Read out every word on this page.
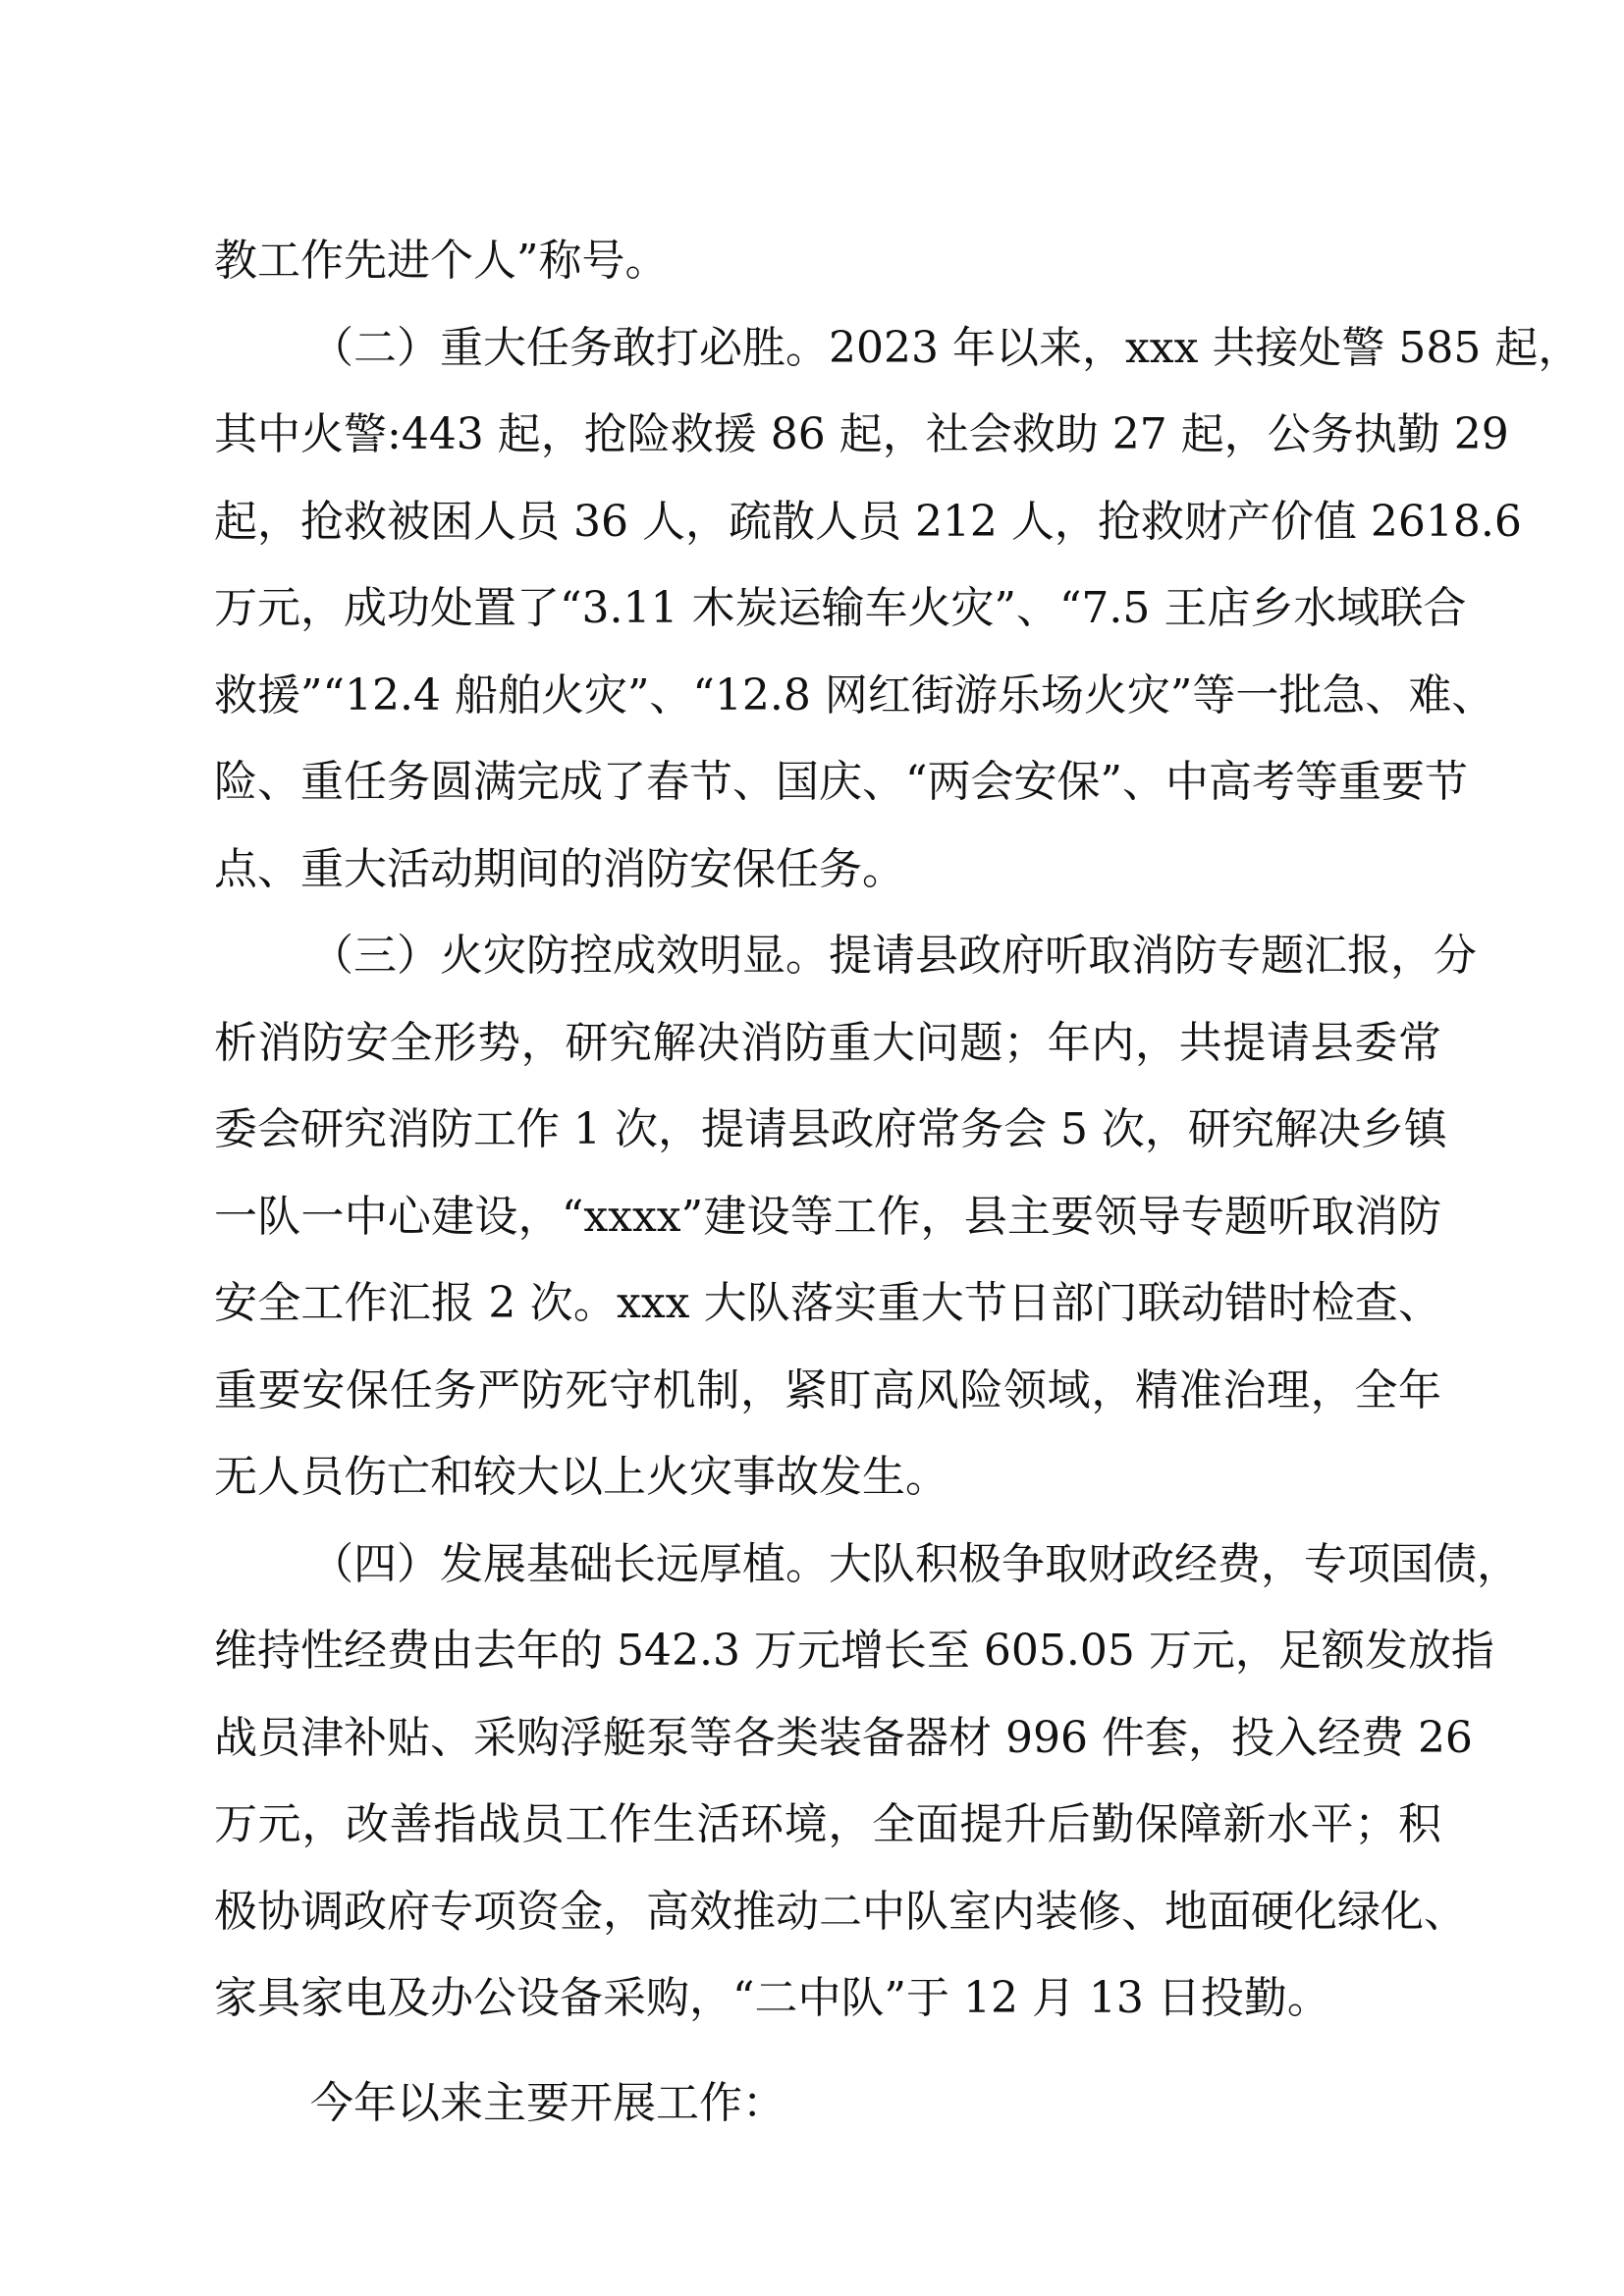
教工作先进个人”称号。
（二）重大任务敢打必胜。2023 年以来，xxx 共接处警 585 起，
其中火警:443 起，抢险救援 86 起，社会救助 27 起，公务执勤 29
起，抢救被困人员 36 人，疏散人员 212 人，抢救财产价值 2618.6
万元，成功处置了“3.11 木炭运输车火灾”、“7.5 王店乡水域联合
救援”“12.4 船舶火灾”、“12.8 网红街游乐场火灾”等一批急、难、
险、重任务圆满完成了春节、国庆、“两会安保”、中高考等重要节
点、重大活动期间的消防安保任务。
（三）火灾防控成效明显。提请县政府听取消防专题汇报，分
析消防安全形势，研究解决消防重大问题；年内，共提请县委常
委会研究消防工作 1 次，提请县政府常务会 5 次，研究解决乡镇
一队一中心建设，“xxxx”建设等工作，县主要领导专题听取消防
安全工作汇报 2 次。xxx 大队落实重大节日部门联动错时检查、
重要安保任务严防死守机制，紧盯高风险领域，精准治理，全年
无人员伤亡和较大以上火灾事故发生。
（四）发展基础长远厚植。大队积极争取财政经费，专项国债，
维持性经费由去年的 542.3 万元增长至 605.05 万元，足额发放指
战员津补贴、采购浮艇泵等各类装备器材 996 件套，投入经费 26
万元，改善指战员工作生活环境，全面提升后勤保障新水平；积
极协调政府专项资金，高效推动二中队室内装修、地面硬化绿化、
家具家电及办公设备采购，“二中队”于 12 月 13 日投勤。
今年以来主要开展工作：
